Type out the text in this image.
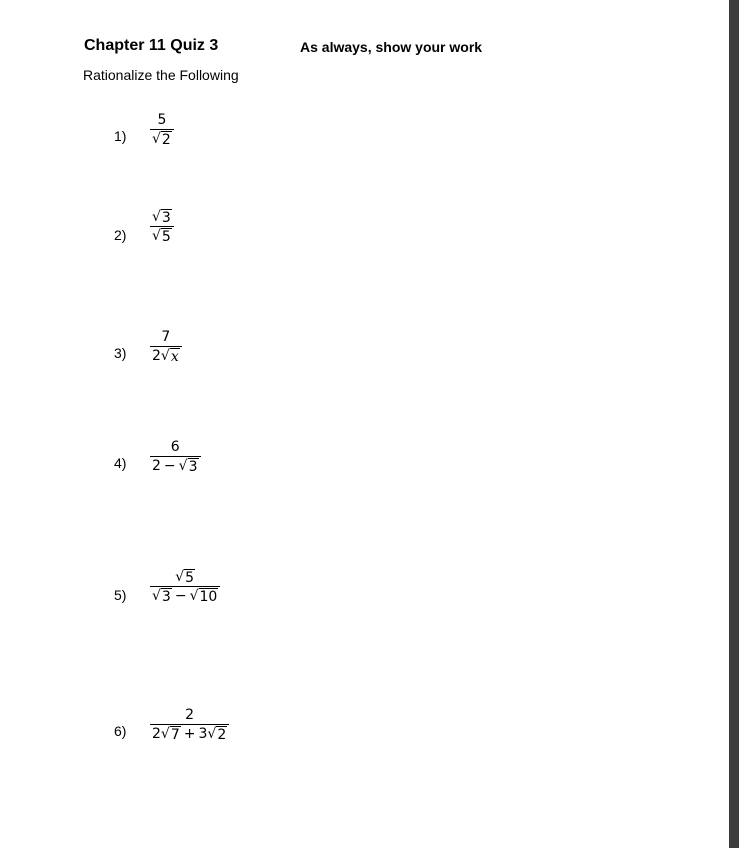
Chapter 11 Quiz 3	As always, show your work
Rationalize the Following
$1) \frac{5}{√ 2}$
$2) \frac{√ 3}{√ 5}$
$3) \frac{7}{2 √ x}$
$4) \frac{6}{2 - √ 3}$
$5) \frac{√ 5}{√ 3 - √ 10}$
$6) \frac{2}{2 √ 7 + 3 √ 2}$
